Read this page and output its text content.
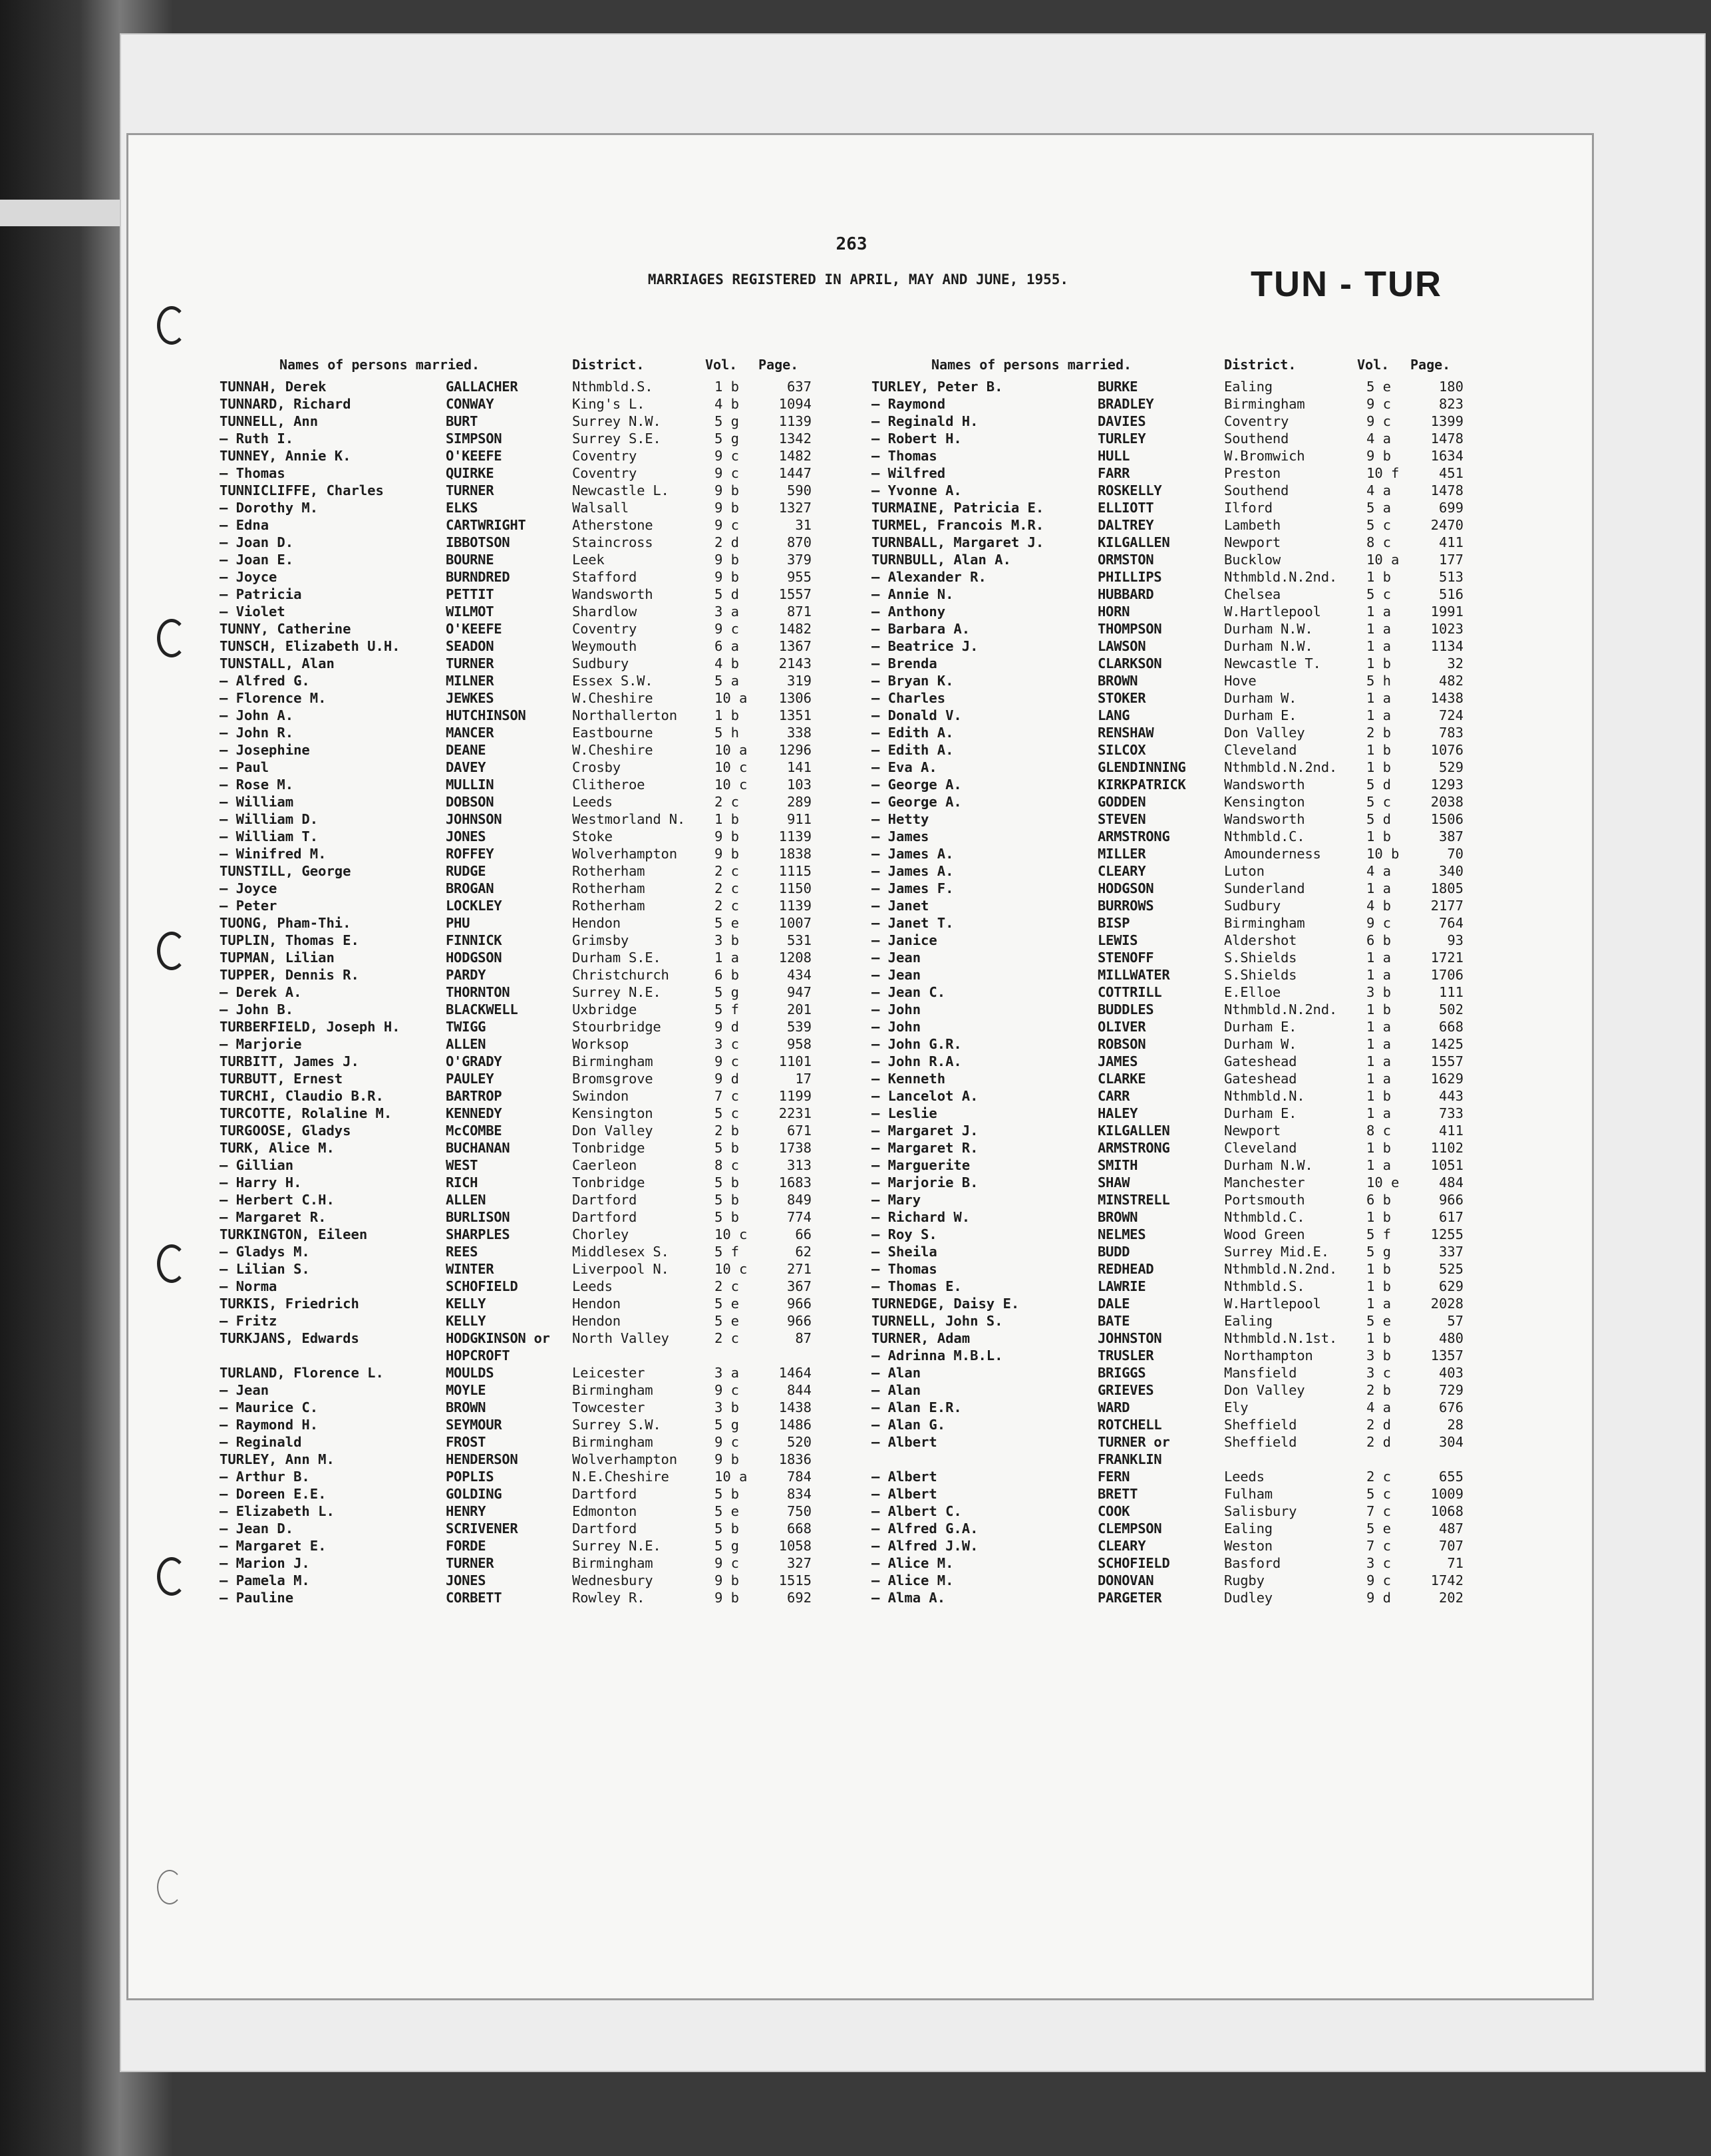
263
MARRIAGES REGISTERED IN APRIL, MAY AND JUNE, 1955.	TUN - TUR
Names of persons married.	District.	Vol.	Page.
TUNNAH, Derek	GALLACHER	Nthmbld.S.	1 b	637
TUNNARD, Richard	CONWAY	King's L.	4 b	1094
TUNNELL, Ann	BURT	Surrey N.W.	5 g	1139
— Ruth I.	SIMPSON	Surrey S.E.	5 g	1342
TUNNEY, Annie K.	O'KEEFE	Coventry	9 c	1482
— Thomas	QUIRKE	Coventry	9 c	1447
TUNNICLIFFE, Charles	TURNER	Newcastle L.	9 b	590
— Dorothy M.	ELKS	Walsall	9 b	1327
— Edna	CARTWRIGHT	Atherstone	9 c	31
— Joan D.	IBBOTSON	Staincross	2 d	870
— Joan E.	BOURNE	Leek	9 b	379
— Joyce	BURNDRED	Stafford	9 b	955
— Patricia	PETTIT	Wandsworth	5 d	1557
— Violet	WILMOT	Shardlow	3 a	871
TUNNY, Catherine	O'KEEFE	Coventry	9 c	1482
TUNSCH, Elizabeth U.H.	SEADON	Weymouth	6 a	1367
TUNSTALL, Alan	TURNER	Sudbury	4 b	2143
— Alfred G.	MILNER	Essex S.W.	5 a	319
— Florence M.	JEWKES	W.Cheshire	10 a	1306
— John A.	HUTCHINSON	Northallerton	1 b	1351
— John R.	MANCER	Eastbourne	5 h	338
— Josephine	DEANE	W.Cheshire	10 a	1296
— Paul	DAVEY	Crosby	10 c	141
— Rose M.	MULLIN	Clitheroe	10 c	103
— William	DOBSON	Leeds	2 c	289
— William D.	JOHNSON	Westmorland N.	1 b	911
— William T.	JONES	Stoke	9 b	1139
— Winifred M.	ROFFEY	Wolverhampton	9 b	1838
TUNSTILL, George	RUDGE	Rotherham	2 c	1115
— Joyce	BROGAN	Rotherham	2 c	1150
— Peter	LOCKLEY	Rotherham	2 c	1139
TUONG, Pham-Thi.	PHU	Hendon	5 e	1007
TUPLIN, Thomas E.	FINNICK	Grimsby	3 b	531
TUPMAN, Lilian	HODGSON	Durham S.E.	1 a	1208
TUPPER, Dennis R.	PARDY	Christchurch	6 b	434
— Derek A.	THORNTON	Surrey N.E.	5 g	947
— John B.	BLACKWELL	Uxbridge	5 f	201
TURBERFIELD, Joseph H.	TWIGG	Stourbridge	9 d	539
— Marjorie	ALLEN	Worksop	3 c	958
TURBITT, James J.	O'GRADY	Birmingham	9 c	1101
TURBUTT, Ernest	PAULEY	Bromsgrove	9 d	17
TURCHI, Claudio B.R.	BARTROP	Swindon	7 c	1199
TURCOTTE, Rolaline M.	KENNEDY	Kensington	5 c	2231
TURGOOSE, Gladys	McCOMBE	Don Valley	2 b	671
TURK, Alice M.	BUCHANAN	Tonbridge	5 b	1738
— Gillian	WEST	Caerleon	8 c	313
— Harry H.	RICH	Tonbridge	5 b	1683
— Herbert C.H.	ALLEN	Dartford	5 b	849
— Margaret R.	BURLISON	Dartford	5 b	774
TURKINGTON, Eileen	SHARPLES	Chorley	10 c	66
— Gladys M.	REES	Middlesex S.	5 f	62
— Lilian S.	WINTER	Liverpool N.	10 c	271
— Norma	SCHOFIELD	Leeds	2 c	367
TURKIS, Friedrich	KELLY	Hendon	5 e	966
— Fritz	KELLY	Hendon	5 e	966
TURKJANS, Edwards	HODGKINSON or	North Valley	2 c	87
HOPCROFT
TURLAND, Florence L.	MOULDS	Leicester	3 a	1464
— Jean	MOYLE	Birmingham	9 c	844
— Maurice C.	BROWN	Towcester	3 b	1438
— Raymond H.	SEYMOUR	Surrey S.W.	5 g	1486
— Reginald	FROST	Birmingham	9 c	520
TURLEY, Ann M.	HENDERSON	Wolverhampton	9 b	1836
— Arthur B.	POPLIS	N.E.Cheshire	10 a	784
— Doreen E.E.	GOLDING	Dartford	5 b	834
— Elizabeth L.	HENRY	Edmonton	5 e	750
— Jean D.	SCRIVENER	Dartford	5 b	668
— Margaret E.	FORDE	Surrey N.E.	5 g	1058
— Marion J.	TURNER	Birmingham	9 c	327
— Pamela M.	JONES	Wednesbury	9 b	1515
— Pauline	CORBETT	Rowley R.	9 b	692
Names of persons married.	District.	Vol.	Page.
TURLEY, Peter B.	BURKE	Ealing	5 e	180
— Raymond	BRADLEY	Birmingham	9 c	823
— Reginald H.	DAVIES	Coventry	9 c	1399
— Robert H.	TURLEY	Southend	4 a	1478
— Thomas	HULL	W.Bromwich	9 b	1634
— Wilfred	FARR	Preston	10 f	451
— Yvonne A.	ROSKELLY	Southend	4 a	1478
TURMAINE, Patricia E.	ELLIOTT	Ilford	5 a	699
TURMEL, Francois M.R.	DALTREY	Lambeth	5 c	2470
TURNBALL, Margaret J.	KILGALLEN	Newport	8 c	411
TURNBULL, Alan A.	ORMSTON	Bucklow	10 a	177
— Alexander R.	PHILLIPS	Nthmbld.N.2nd.	1 b	513
— Annie N.	HUBBARD	Chelsea	5 c	516
— Anthony	HORN	W.Hartlepool	1 a	1991
— Barbara A.	THOMPSON	Durham N.W.	1 a	1023
— Beatrice J.	LAWSON	Durham N.W.	1 a	1134
— Brenda	CLARKSON	Newcastle T.	1 b	32
— Bryan K.	BROWN	Hove	5 h	482
— Charles	STOKER	Durham W.	1 a	1438
— Donald V.	LANG	Durham E.	1 a	724
— Edith A.	RENSHAW	Don Valley	2 b	783
— Edith A.	SILCOX	Cleveland	1 b	1076
— Eva A.	GLENDINNING	Nthmbld.N.2nd.	1 b	529
— George A.	KIRKPATRICK	Wandsworth	5 d	1293
— George A.	GODDEN	Kensington	5 c	2038
— Hetty	STEVEN	Wandsworth	5 d	1506
— James	ARMSTRONG	Nthmbld.C.	1 b	387
— James A.	MILLER	Amounderness	10 b	70
— James A.	CLEARY	Luton	4 a	340
— James F.	HODGSON	Sunderland	1 a	1805
— Janet	BURROWS	Sudbury	4 b	2177
— Janet T.	BISP	Birmingham	9 c	764
— Janice	LEWIS	Aldershot	6 b	93
— Jean	STENOFF	S.Shields	1 a	1721
— Jean	MILLWATER	S.Shields	1 a	1706
— Jean C.	COTTRILL	E.Elloe	3 b	111
— John	BUDDLES	Nthmbld.N.2nd.	1 b	502
— John	OLIVER	Durham E.	1 a	668
— John G.R.	ROBSON	Durham W.	1 a	1425
— John R.A.	JAMES	Gateshead	1 a	1557
— Kenneth	CLARKE	Gateshead	1 a	1629
— Lancelot A.	CARR	Nthmbld.N.	1 b	443
— Leslie	HALEY	Durham E.	1 a	733
— Margaret J.	KILGALLEN	Newport	8 c	411
— Margaret R.	ARMSTRONG	Cleveland	1 b	1102
— Marguerite	SMITH	Durham N.W.	1 a	1051
— Marjorie B.	SHAW	Manchester	10 e	484
— Mary	MINSTRELL	Portsmouth	6 b	966
— Richard W.	BROWN	Nthmbld.C.	1 b	617
— Roy S.	NELMES	Wood Green	5 f	1255
— Sheila	BUDD	Surrey Mid.E.	5 g	337
— Thomas	REDHEAD	Nthmbld.N.2nd.	1 b	525
— Thomas E.	LAWRIE	Nthmbld.S.	1 b	629
TURNEDGE, Daisy E.	DALE	W.Hartlepool	1 a	2028
TURNELL, John S.	BATE	Ealing	5 e	57
TURNER, Adam	JOHNSTON	Nthmbld.N.1st.	1 b	480
— Adrinna M.B.L.	TRUSLER	Northampton	3 b	1357
— Alan	BRIGGS	Mansfield	3 c	403
— Alan	GRIEVES	Don Valley	2 b	729
— Alan E.R.	WARD	Ely	4 a	676
— Alan G.	ROTCHELL	Sheffield	2 d	28
— Albert	TURNER or	Sheffield	2 d	304
FRANKLIN
— Albert	FERN	Leeds	2 c	655
— Albert	BRETT	Fulham	5 c	1009
— Albert C.	COOK	Salisbury	7 c	1068
— Alfred G.A.	CLEMPSON	Ealing	5 e	487
— Alfred J.W.	CLEARY	Weston	7 c	707
— Alice M.	SCHOFIELD	Basford	3 c	71
— Alice M.	DONOVAN	Rugby	9 c	1742
— Alma A.	PARGETER	Dudley	9 d	202
